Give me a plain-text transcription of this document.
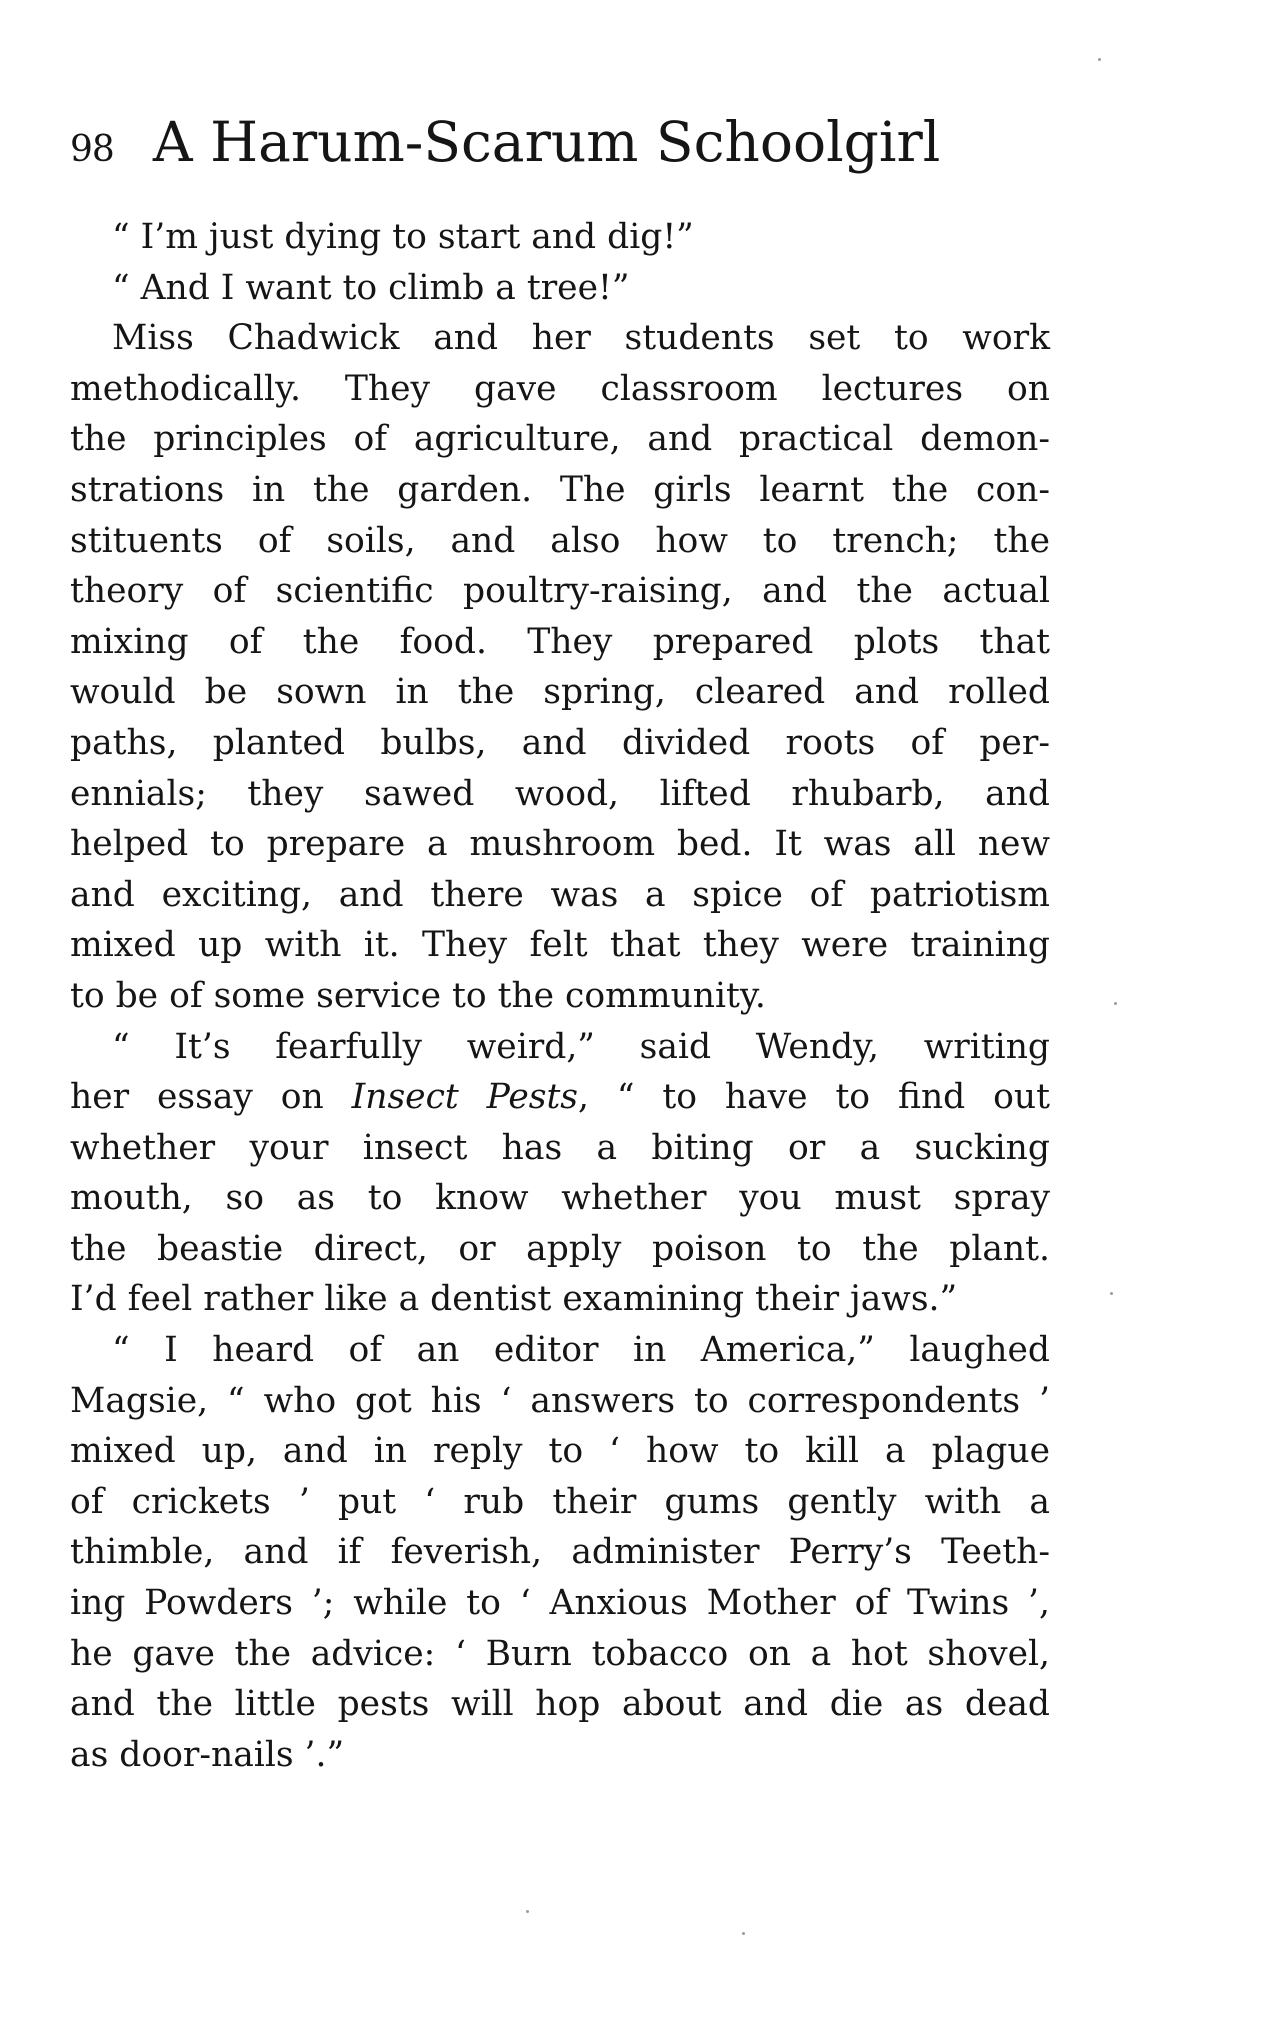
98 A Harum-Scarum Schoolgirl
“ I’m just dying to start and dig!”
“ And I want to climb a tree!”
Miss Chadwick and her students set to work
methodically. They gave classroom lectures on
the principles of agriculture, and practical demon-
strations in the garden. The girls learnt the con-
stituents of soils, and also how to trench; the
theory of scientific poultry-raising, and the actual
mixing of the food. They prepared plots that
would be sown in the spring, cleared and rolled
paths, planted bulbs, and divided roots of per-
ennials; they sawed wood, lifted rhubarb, and
helped to prepare a mushroom bed. It was all new
and exciting, and there was a spice of patriotism
mixed up with it. They felt that they were training
to be of some service to the community.
“ It’s fearfully weird,” said Wendy, writing
her essay on Insect Pests, “ to have to find out
whether your insect has a biting or a sucking
mouth, so as to know whether you must spray
the beastie direct, or apply poison to the plant.
I’d feel rather like a dentist examining their jaws.”
“ I heard of an editor in America,” laughed
Magsie, “ who got his ‘ answers to correspondents ’
mixed up, and in reply to ‘ how to kill a plague
of crickets ’ put ‘ rub their gums gently with a
thimble, and if feverish, administer Perry’s Teeth-
ing Powders ’; while to ‘ Anxious Mother of Twins ’,
he gave the advice: ‘ Burn tobacco on a hot shovel,
and the little pests will hop about and die as dead
as door-nails ’.”
